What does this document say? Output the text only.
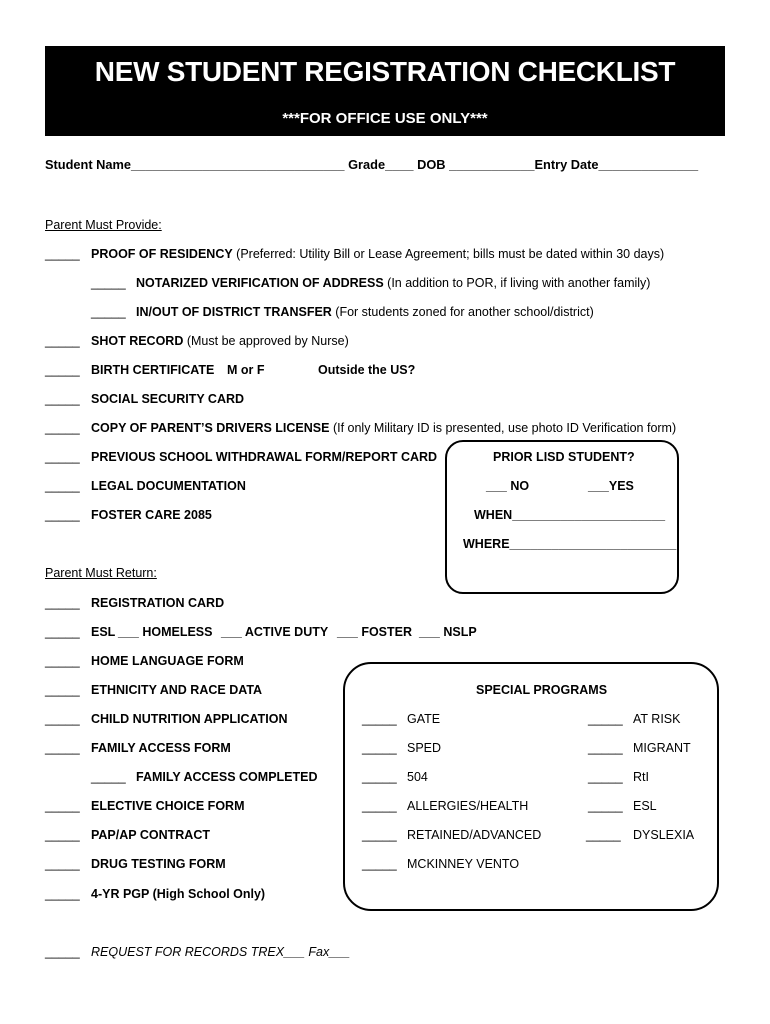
NEW STUDENT REGISTRATION CHECKLIST
***FOR OFFICE USE ONLY***
Student Name______________________________ Grade____ DOB ____________Entry Date______________
Parent Must Provide:
_____ PROOF OF RESIDENCY (Preferred: Utility Bill or Lease Agreement; bills must be dated within 30 days)
_____ NOTARIZED VERIFICATION OF ADDRESS (In addition to POR, if living with another family)
_____ IN/OUT OF DISTRICT TRANSFER (For students zoned for another school/district)
_____ SHOT RECORD (Must be approved by Nurse)
_____ BIRTH CERTIFICATE M or F	Outside the US?
_____ SOCIAL SECURITY CARD
_____ COPY OF PARENT’S DRIVERS LICENSE (If only Military ID is presented, use photo ID Verification form)
_____ PREVIOUS SCHOOL WITHDRAWAL FORM/REPORT CARD
_____ LEGAL DOCUMENTATION
_____ FOSTER CARE 2085
PRIOR LISD STUDENT?
___ NO	___YES
WHEN______________________
WHERE________________________
Parent Must Return:
_____ REGISTRATION CARD
_____ ESL ___ HOMELESS ___ ACTIVE DUTY ___ FOSTER ___ NSLP
_____ HOME LANGUAGE FORM
_____ ETHNICITY AND RACE DATA
_____ CHILD NUTRITION APPLICATION
_____ FAMILY ACCESS FORM
_____ FAMILY ACCESS COMPLETED
_____ ELECTIVE CHOICE FORM
_____ PAP/AP CONTRACT
_____ DRUG TESTING FORM
_____ 4-YR PGP (High School Only)
_____ REQUEST FOR RECORDS TREX___ Fax___
SPECIAL PROGRAMS
_____ GATE
_____ SPED
_____ 504
_____ ALLERGIES/HEALTH
_____ RETAINED/ADVANCED
_____ MCKINNEY VENTO
_____ AT RISK
_____ MIGRANT
_____ RtI
_____ ESL
_____ DYSLEXIA
